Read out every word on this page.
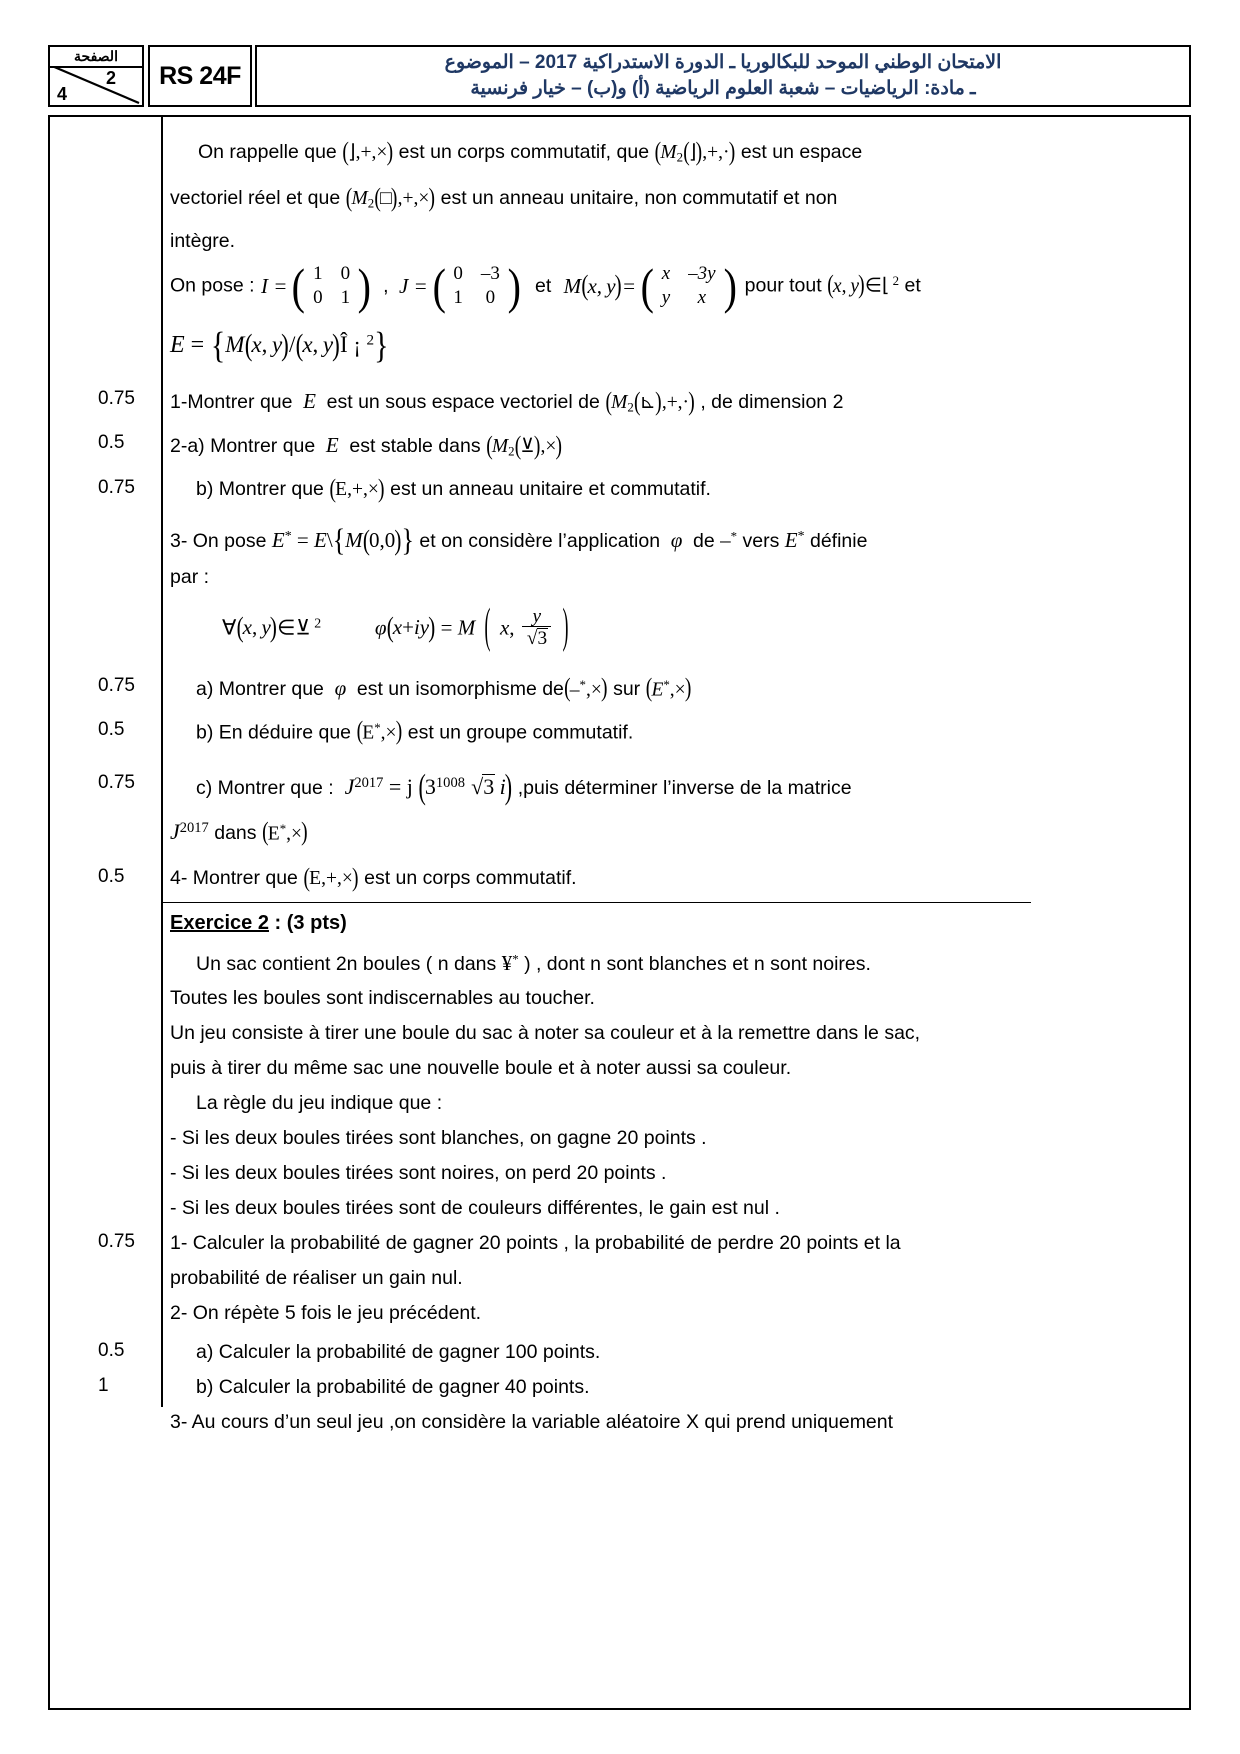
الصفحة
2
4
RS 24F	الامتحان الوطني الموحد للبكالوريا ـ الدورة الاستدراكية 2017 – الموضوع
ـ مادة: الرياضيات – شعبة العلوم الرياضية (أ) و(ب) – خيار فرنسية
On rappelle que ( ⌋,+,× ) est un corps commutatif, que ( $M_2$ ( ⌋ ) ,+,· ) est un espace
vectoriel réel et que ( $M_2$ ( □ ) ,+,× ) est un anneau unitaire, non commutatif et non
intègre.
On pose : I = ( 1	0
0	1 ) , J = ( 0	–3
1	0 ) et M ( x, y ) = ( x	–3y
y	x ) pour tout ( x, y ) ∈⌊ $^2$ et
E = {M ( x, y ) / ( x, y ) Î ¡ $^2$}
0.75	1-Montrer que  E  est un sous espace vectoriel de ( $M_2$ ( ⊾ ) ,+,· ) , de dimension 2
0.5	2-a) Montrer que  E  est stable dans ( $M_2$ ( ⊻ ) ,× )
0.75	b) Montrer que ( E,+,× ) est un anneau unitaire et commutatif.
3- On pose E* = E\{M ( 0,0 ) } et on considère l’application  φ  de ‒* vers E* définie
par :
∀ ( x, y ) ∈⊻ $^2$	φ ( x+iy ) = M ( x, $\frac{y}{√3}$ )
0.75	a) Montrer que  φ  est un isomorphisme de ( ‒*,× ) sur ( E*,× )
0.5	b) En déduire que ( E*,× ) est un groupe commutatif.
0.75	c) Montrer que : $J^{2017} = j$ ( $3^{1008}$  √3  i ) ,puis déterminer l’inverse de la matrice
$J^{2017}$ dans ( E*,× )
0.5	4- Montrer que ( E,+,× ) est un corps commutatif.
Exercice 2 : (3 pts)
Un sac contient 2n boules ( n dans ¥* ) , dont n sont blanches et n sont noires.
Toutes les boules sont indiscernables au toucher.
Un jeu consiste à tirer une boule du sac à noter sa couleur et à la remettre dans le sac,
puis à tirer du même sac une nouvelle boule et à noter aussi sa couleur.
La règle du jeu indique que :
- Si les deux boules tirées sont blanches, on gagne 20 points .
- Si les deux boules tirées sont noires, on perd 20 points .
- Si les deux boules tirées sont de couleurs différentes, le gain est nul .
0.75	1- Calculer la probabilité de gagner 20 points , la probabilité de perdre 20 points et la
probabilité de réaliser un gain nul.
2- On répète 5 fois le jeu précédent.
0.5	a) Calculer la probabilité de gagner 100 points.
1	b) Calculer la probabilité de gagner 40 points.
3- Au cours d’un seul jeu ,on considère la variable aléatoire X qui prend uniquement
